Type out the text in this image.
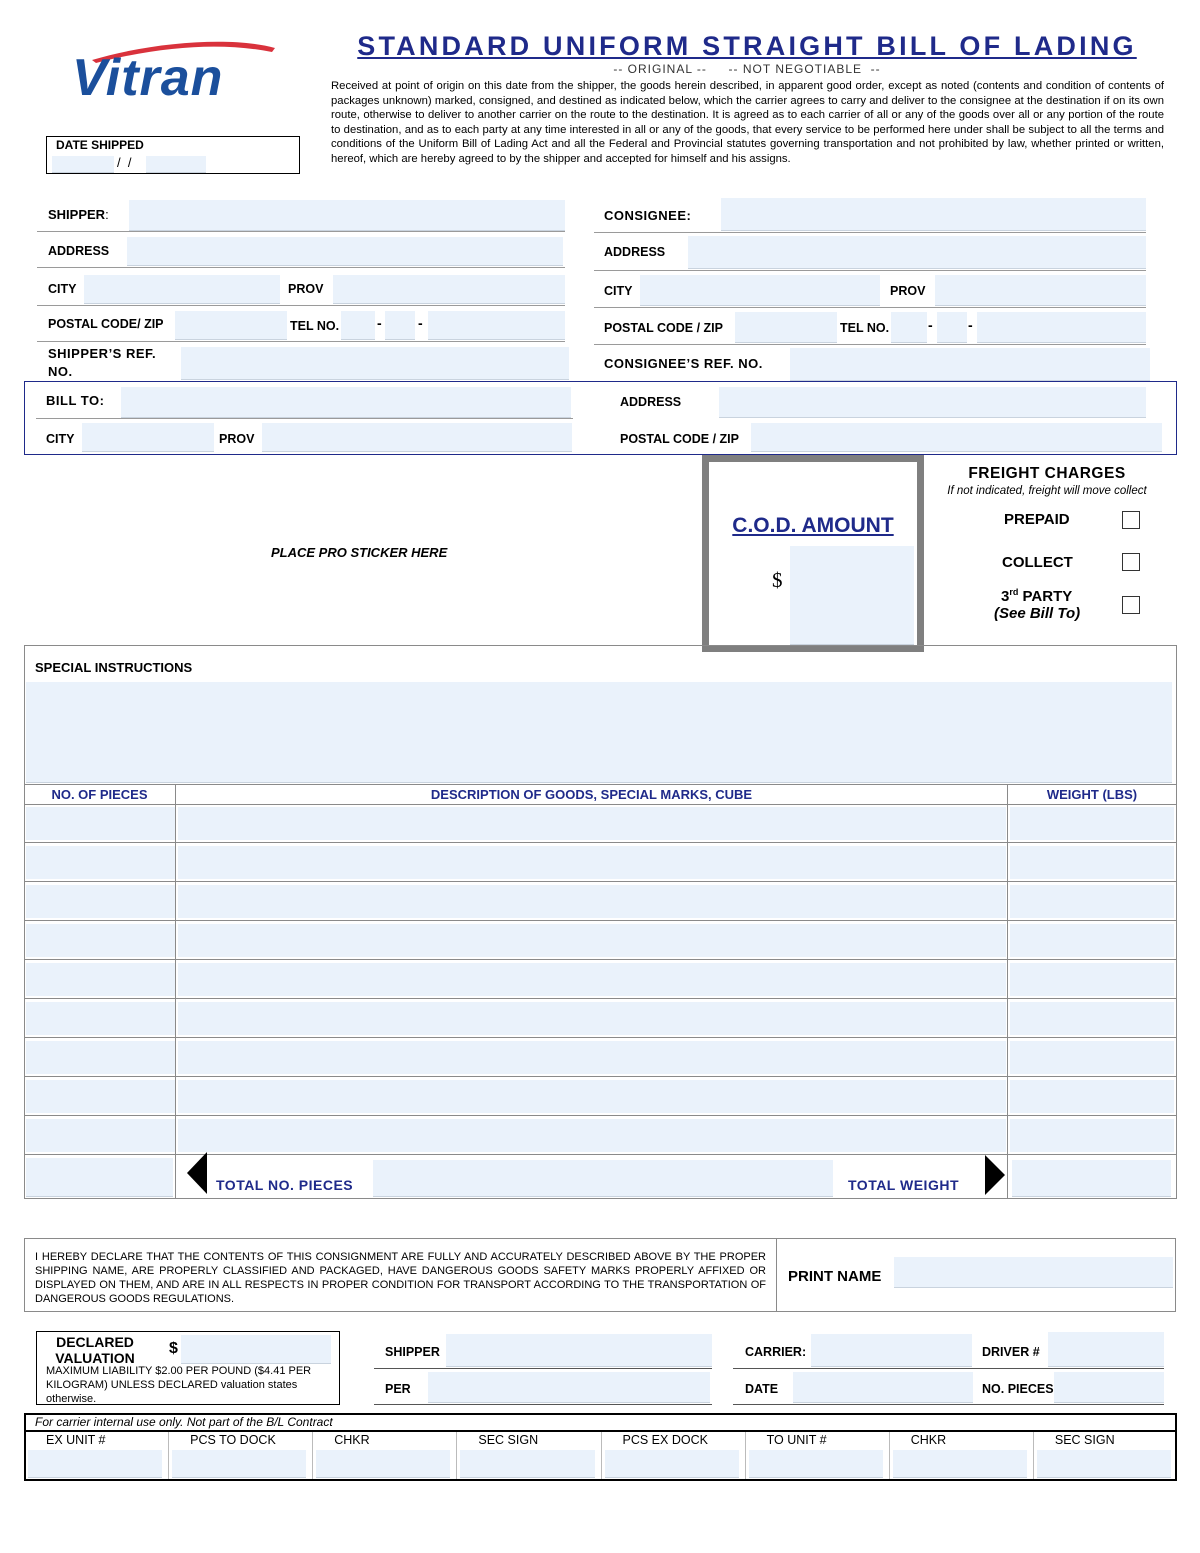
Vitran
STANDARD UNIFORM STRAIGHT BILL OF LADING
-- ORIGINAL --     -- NOT NEGOTIABLE  --
Received at point of origin on this date from the shipper, the goods herein described, in apparent good order, except as noted (contents and condition of contents of packages unknown) marked, consigned, and destined as indicated below, which the carrier agrees to carry and deliver to the consignee at the destination if on its own route, otherwise to deliver to another carrier on the route to the destination. It is agreed as to each carrier of all or any of the goods over all or any portion of the route to destination, and as to each party at any time interested in all or any of the goods, that every service to be performed here under shall be subject to all the terms and conditions of the Uniform Bill of Lading Act and all the Federal and Provincial statutes governing transportation and not prohibited by law, whether printed or written, hereof, which are hereby agreed to by the shipper and accepted for himself and his assigns.
DATE SHIPPED
/  /
SHIPPER:
ADDRESS
CITY	PROV
POSTAL CODE/ ZIP	TEL NO.	-	-
SHIPPER’S REF. NO.
CONSIGNEE:
ADDRESS
CITY	PROV
POSTAL CODE / ZIP	TEL NO.	-	-
CONSIGNEE’S REF. NO.
BILL TO:	ADDRESS
CITY	PROV	POSTAL CODE / ZIP
PLACE PRO STICKER HERE
C.O.D. AMOUNT
$
FREIGHT CHARGES
If not indicated, freight will move collect
PREPAID
COLLECT
3rd PARTY
(See Bill To)
SPECIAL INSTRUCTIONS
NO. OF PIECES	DESCRIPTION OF GOODS, SPECIAL MARKS, CUBE	WEIGHT (LBS)
TOTAL NO. PIECES	TOTAL WEIGHT
I HEREBY DECLARE THAT THE CONTENTS OF THIS CONSIGNMENT ARE FULLY AND ACCURATELY DESCRIBED ABOVE BY THE PROPER SHIPPING NAME, ARE PROPERLY CLASSIFIED AND PACKAGED, HAVE DANGEROUS GOODS SAFETY MARKS PROPERLY AFFIXED OR DISPLAYED ON THEM, AND ARE IN ALL RESPECTS IN PROPER CONDITION FOR TRANSPORT ACCORDING TO THE TRANSPORTATION OF DANGEROUS GOODS REGULATIONS.
PRINT NAME
DECLARED
VALUATION
$
MAXIMUM LIABILITY $2.00 PER POUND ($4.41 PER KILOGRAM) UNLESS DECLARED valuation states otherwise.
SHIPPER
PER
CARRIER:	DRIVER #
DATE	NO. PIECES
For carrier internal use only. Not part of the B/L Contract
EX UNIT #	PCS TO DOCK	CHKR	SEC SIGN	PCS EX DOCK	TO UNIT #	CHKR	SEC SIGN
